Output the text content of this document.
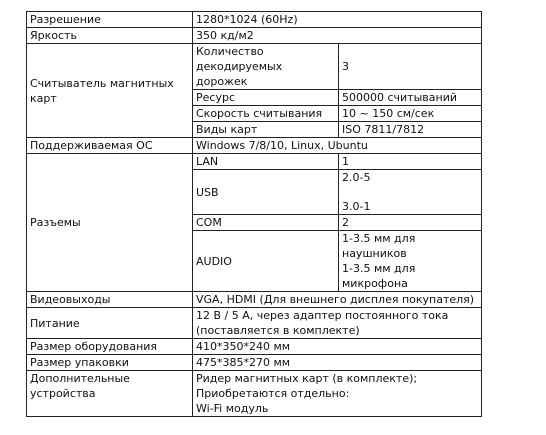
Разрешение	1280*1024 (60Hz)	
Яркость	350 кд/м2	
Считыватель магнитных карт	Количество декодируемых дорожек	3
	Ресурс	500000 считываний
	Скорость считывания	10 ~ 150 см/сек
	Виды карт	ISO 7811/7812
Поддерживаемая ОС	Windows 7/8/10, Linux, Ubuntu	
Разъемы	LAN	1
	USB	2.0-5
3.0-1

	COM	2
	AUDIO	1-3.5 мм для наушников
1-3.5 мм для микрофона

Видеовыходы	VGA, HDMI (Для внешнего дисплея покупателя)	
Питание	12 В / 5 А, через адаптер постоянного тока
(поставляется в комплекте)	

Размер оборудования	410*350*240 мм	
Размер упаковки	475*385*270 мм	
Дополнительные устройства	Ридер магнитных карт (в комплекте);
Приобретаются отдельно:
Wi-Fi модуль	
